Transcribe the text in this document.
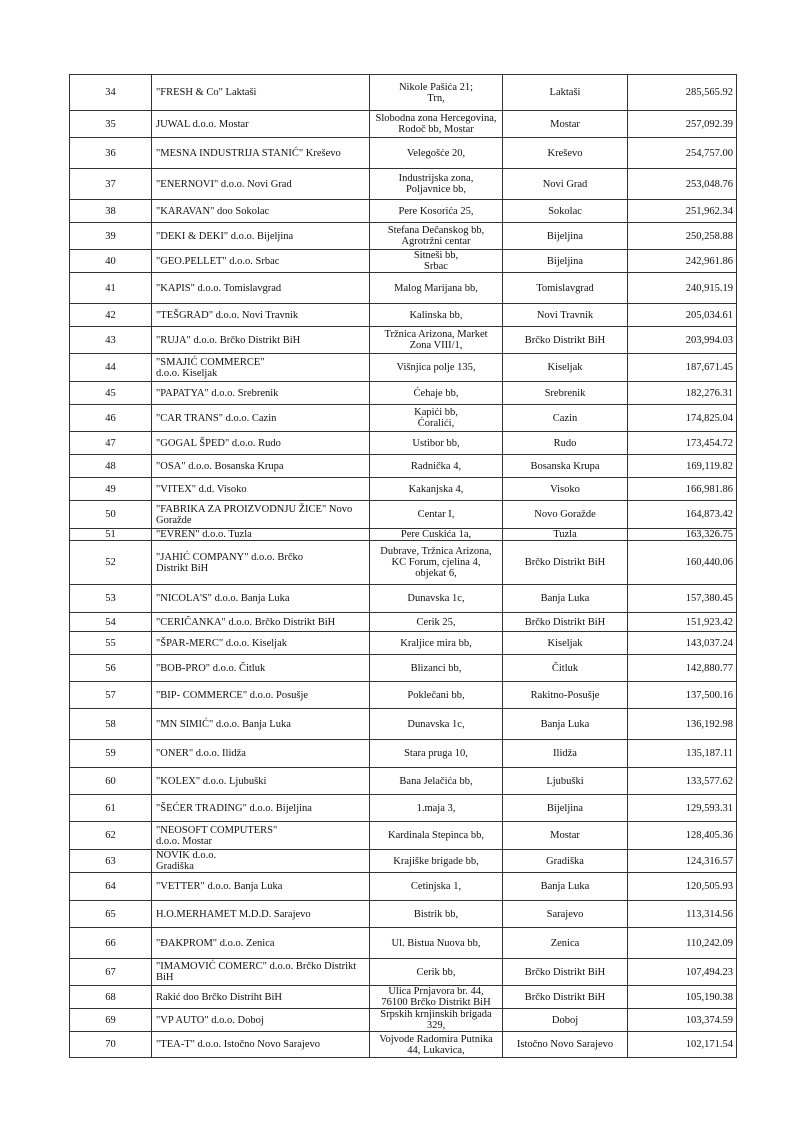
34	"FRESH & Co" Laktaši	Nikole Pašića 21;
Trn,	Laktaši	285,565.92
35	JUWAL d.o.o. Mostar	Slobodna zona Hercegovina,
Rodoč bb, Mostar	Mostar	257,092.39
36	"MESNA INDUSTRIJA STANIĆ" Kreševo	Velegošće 20,	Kreševo	254,757.00
37	"ENERNOVI" d.o.o. Novi Grad	Industrijska zona,
Poljavnice bb,	Novi Grad	253,048.76
38	"KARAVAN" doo Sokolac	Pere Kosorića 25,	Sokolac	251,962.34
39	"DEKI & DEKI" d.o.o. Bijeljina	Stefana Dečanskog bb,
Agrotržni centar	Bijeljina	250,258.88
40	"GEO.PELLET" d.o.o. Srbac	Sitneši bb,
Srbac	Bijeljina	242,961.86
41	"KAPIS" d.o.o. Tomislavgrad	Malog Marijana bb,	Tomislavgrad	240,915.19
42	"TEŠGRAD" d.o.o. Novi Travnik	Kalinska bb,	Novi Travnik	205,034.61
43	"RUJA" d.o.o. Brčko Distrikt BiH	Tržnica Arizona, Market
Zona VIII/1,	Brčko Distrikt BiH	203,994.03
44	"SMAJIĆ COMMERCE"
d.o.o. Kiseljak	Višnjica polje 135,	Kiseljak	187,671.45
45	"PAPATYA" d.o.o. Srebrenik	Ćehaje bb,	Srebrenik	182,276.31
46	"CAR TRANS" d.o.o. Cazin	Kapići bb,
Ćoralići,	Cazin	174,825.04
47	"GOGAL ŠPED" d.o.o. Rudo	Ustibor bb,	Rudo	173,454.72
48	"OSA" d.o.o. Bosanska Krupa	Radnička 4,	Bosanska Krupa	169,119.82
49	"VITEX" d.d. Visoko	Kakanjska 4,	Visoko	166,981.86
50	"FABRIKA ZA PROIZVODNJU ŽICE" Novo
Goražde	Centar I,	Novo Goražde	164,873.42
51	"EVREN" d.o.o. Tuzla	Pere Ćuskića 1a,	Tuzla	163,326.75
52	"JAHIĆ COMPANY" d.o.o. Brčko
Distrikt BiH	Dubrave, Tržnica Arizona,
KC Forum, cjelina 4,
objekat 6,	Brčko Distrikt BiH	160,440.06
53	"NICOLA'S" d.o.o. Banja Luka	Dunavska 1c,	Banja Luka	157,380.45
54	"CERIČANKA" d.o.o. Brčko Distrikt BiH	Cerik 25,	Brčko Distrikt BiH	151,923.42
55	"ŠPAR-MERC" d.o.o. Kiseljak	Kraljice mira bb,	Kiseljak	143,037.24
56	"BOB-PRO" d.o.o. Čitluk	Blizanci bb,	Čitluk	142,880.77
57	"BIP- COMMERCE" d.o.o. Posušje	Poklečani bb,	Rakitno-Posušje	137,500.16
58	"MN SIMIĆ" d.o.o. Banja Luka	Dunavska 1c,	Banja Luka	136,192.98
59	"ONER" d.o.o. Ilidža	Stara pruga 10,	Ilidža	135,187.11
60	"KOLEX" d.o.o. Ljubuški	Bana Jelačića bb,	Ljubuški	133,577.62
61	"ŠEĆER TRADING" d.o.o. Bijeljina	1.maja 3,	Bijeljina	129,593.31
62	"NEOSOFT COMPUTERS"
d.o.o. Mostar	Kardinala Stepinca bb,	Mostar	128,405.36
63	NOVIK d.o.o.
Gradiška	Krajiške brigade bb,	Gradiška	124,316.57
64	"VETTER" d.o.o. Banja Luka	Cetinjska 1,	Banja Luka	120,505.93
65	H.O.MERHAMET M.D.D. Sarajevo	Bistrik bb,	Sarajevo	113,314.56
66	"ĐAKPROM" d.o.o. Zenica	Ul. Bistua Nuova bb,	Zenica	110,242.09
67	"IMAMOVIĆ COMERC" d.o.o. Brčko Distrikt
BiH	Cerik bb,	Brčko Distrikt BiH	107,494.23
68	Rakić doo Brčko Distriht BiH	Ulica Prnjavora br. 44,
76100 Brčko Distrikt BiH	Brčko Distrikt BiH	105,190.38
69	"VP AUTO" d.o.o. Doboj	Srpskih krnjinskih brigada
329,	Doboj	103,374.59
70	"TEA-T" d.o.o. Istočno Novo Sarajevo	Vojvode Radomira Putnika
44, Lukavica,	Istočno Novo Sarajevo	102,171.54
